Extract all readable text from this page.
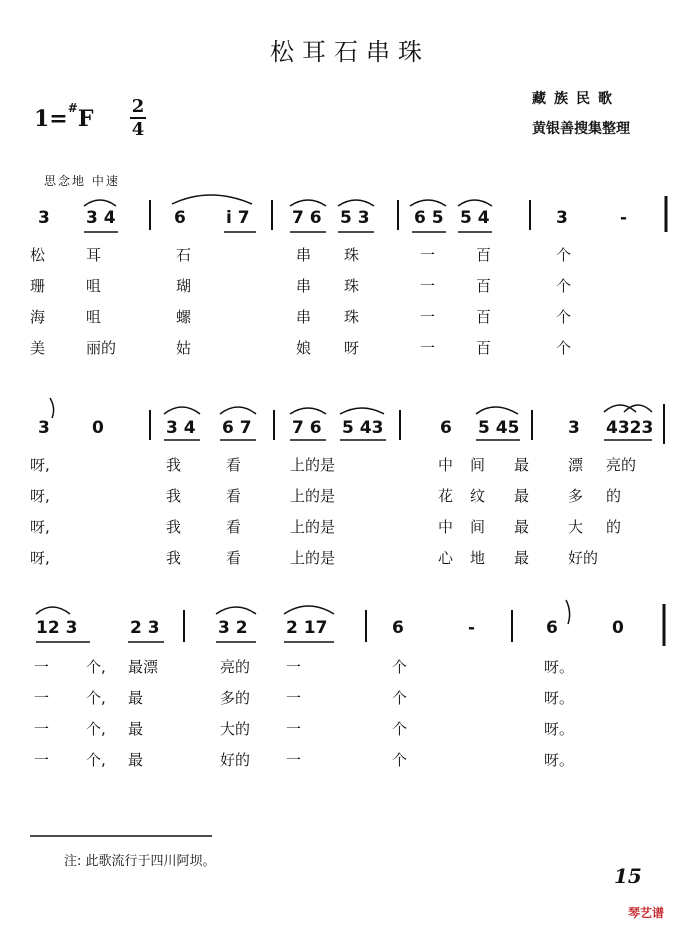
松耳石串珠
藏族民歌
黄银善搜集整理
1=#F 2
4
思念地 中速
3 3 4	6 i 7 7 6 5 3	6 5 5 4	3	-
松	耳	石	串 珠	一	百	个
珊	咀	瑚	串 珠	一	百	个
海	咀	螺	串 珠	一	百	个
美	丽的	姑	娘 呀	一	百	个
3 0	3 4 6 7 7 6 5 43	6 5 45	3 4323
呀,	我	看	上的是	中 间 最	漂 亮的
呀,	我	看	上的是	花 纹 最	多 的
呀,	我	看	上的是	中 间 最	大 的
呀,	我	看	上的是	心 地 最	好的
12 3	2 3	3 2 2 17	6	-	6	0
一 个, 最漂	亮的 一	个	呀。
一 个, 最	多的 一	个	呀。
一 个, 最	大的 一	个	呀。
一 个, 最	好的 一	个	呀。
注: 此歌流行于四川阿坝。
15
琴艺谱
